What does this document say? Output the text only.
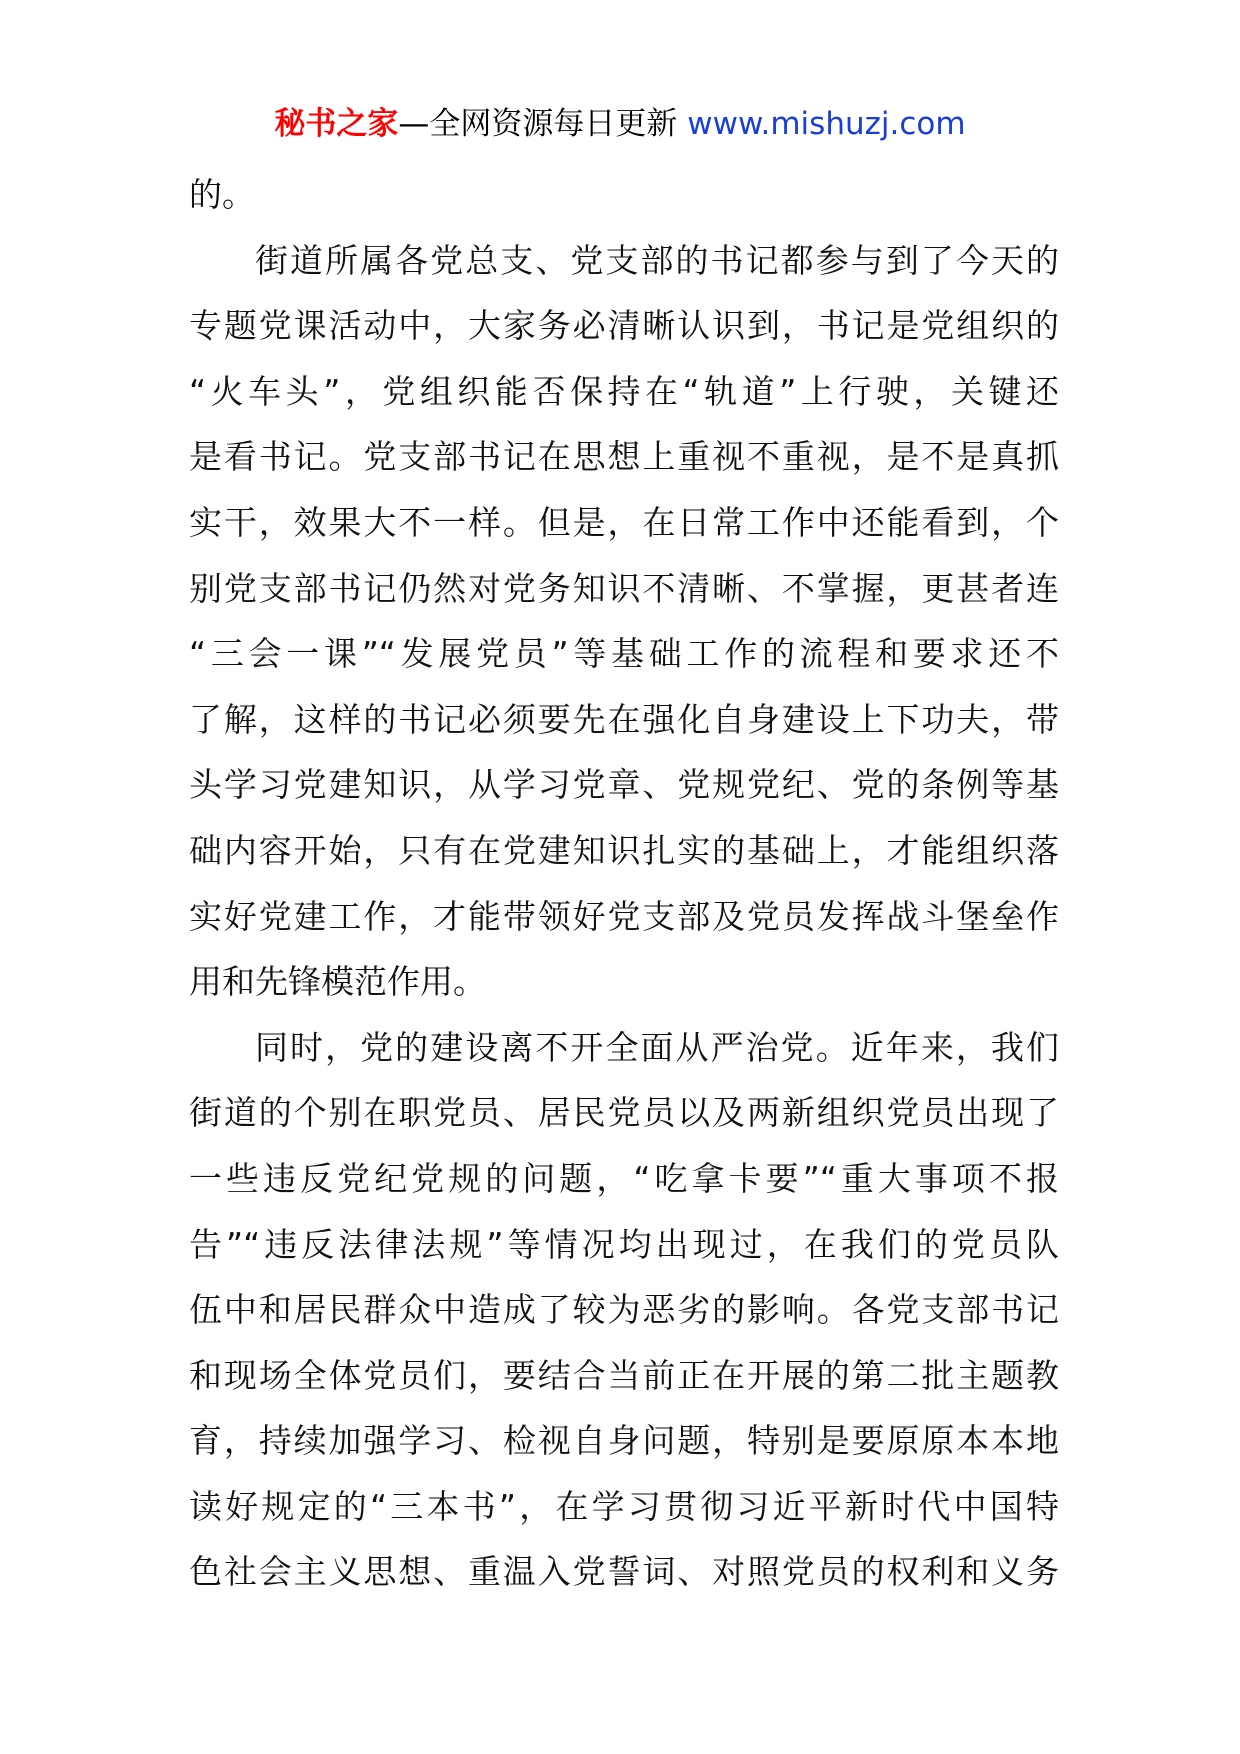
秘书之家—全网资源每日更新 www.mishuzj.com
的。
街道所属各党总支、党支部的书记都参与到了今天的
专题党课活动中，大家务必清晰认识到，书记是党组织的
“火车头”，党组织能否保持在“轨道”上行驶，关键还
是看书记。党支部书记在思想上重视不重视，是不是真抓
实干，效果大不一样。但是，在日常工作中还能看到，个
别党支部书记仍然对党务知识不清晰、不掌握，更甚者连
“三会一课”“发展党员”等基础工作的流程和要求还不
了解，这样的书记必须要先在强化自身建设上下功夫，带
头学习党建知识，从学习党章、党规党纪、党的条例等基
础内容开始，只有在党建知识扎实的基础上，才能组织落
实好党建工作，才能带领好党支部及党员发挥战斗堡垒作
用和先锋模范作用。
同时，党的建设离不开全面从严治党。近年来，我们
街道的个别在职党员、居民党员以及两新组织党员出现了
一些违反党纪党规的问题，“吃拿卡要”“重大事项不报
告”“违反法律法规”等情况均出现过，在我们的党员队
伍中和居民群众中造成了较为恶劣的影响。各党支部书记
和现场全体党员们，要结合当前正在开展的第二批主题教
育，持续加强学习、检视自身问题，特别是要原原本本地
读好规定的“三本书”，在学习贯彻习近平新时代中国特
色社会主义思想、重温入党誓词、对照党员的权利和义务
